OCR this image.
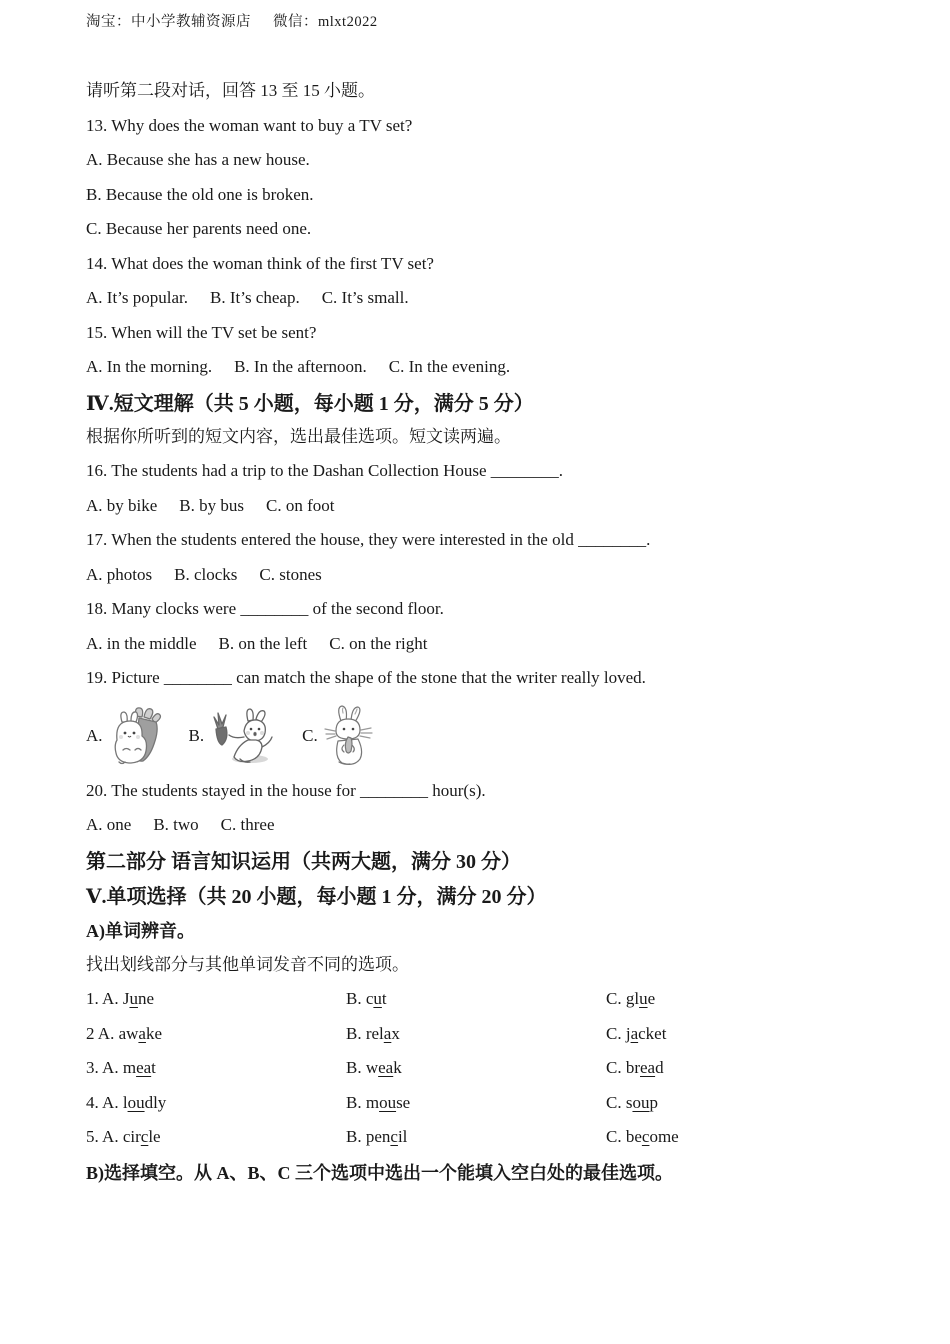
淘宝：中小学教辅资源店 微信：mlxt2022

请听第二段对话，回答 13 至 15 小题。

13. Why does the woman want to buy a TV set?

A. Because she has a new house.

B. Because the old one is broken.

C. Because her parents need one.

14. What does the woman think of the first TV set?

A. It’s popular. B. It’s cheap. C. It’s small.

15. When will the TV set be sent?

A. In the morning. B. In the afternoon. C. In the evening.

Ⅳ.短文理解（共 5 小题，每小题 1 分，满分 5 分）

根据你所听到的短文内容，选出最佳选项。短文读两遍。

16. The students had a trip to the Dashan Collection House ________.

A. by bike B. by bus C. on foot

17. When the students entered the house, they were interested in the old ________.

A. photos B. clocks C. stones

18. Many clocks were ________ of the second floor.

A. in the middle B. on the left C. on the right

19. Picture ________ can match the shape of the stone that the writer really loved.

A.	B.	C.

20. The students stayed in the house for ________ hour(s).

A. one B. two C. three

第二部分 语言知识运用（共两大题，满分 30 分）

Ⅴ.单项选择（共 20 小题，每小题 1 分，满分 20 分）

A)单词辨音。

找出划线部分与其他单词发音不同的选项。

1. A. June	B. cut	C. glue
2 A. awake	B. relax	C. jacket
3. A. meat	B. weak	C. bread
4. A. loudly	B. mouse	C. soup
5. A. circle	B. pencil	C. become

B)选择填空。从 A、B、C 三个选项中选出一个能填入空白处的最佳选项。
